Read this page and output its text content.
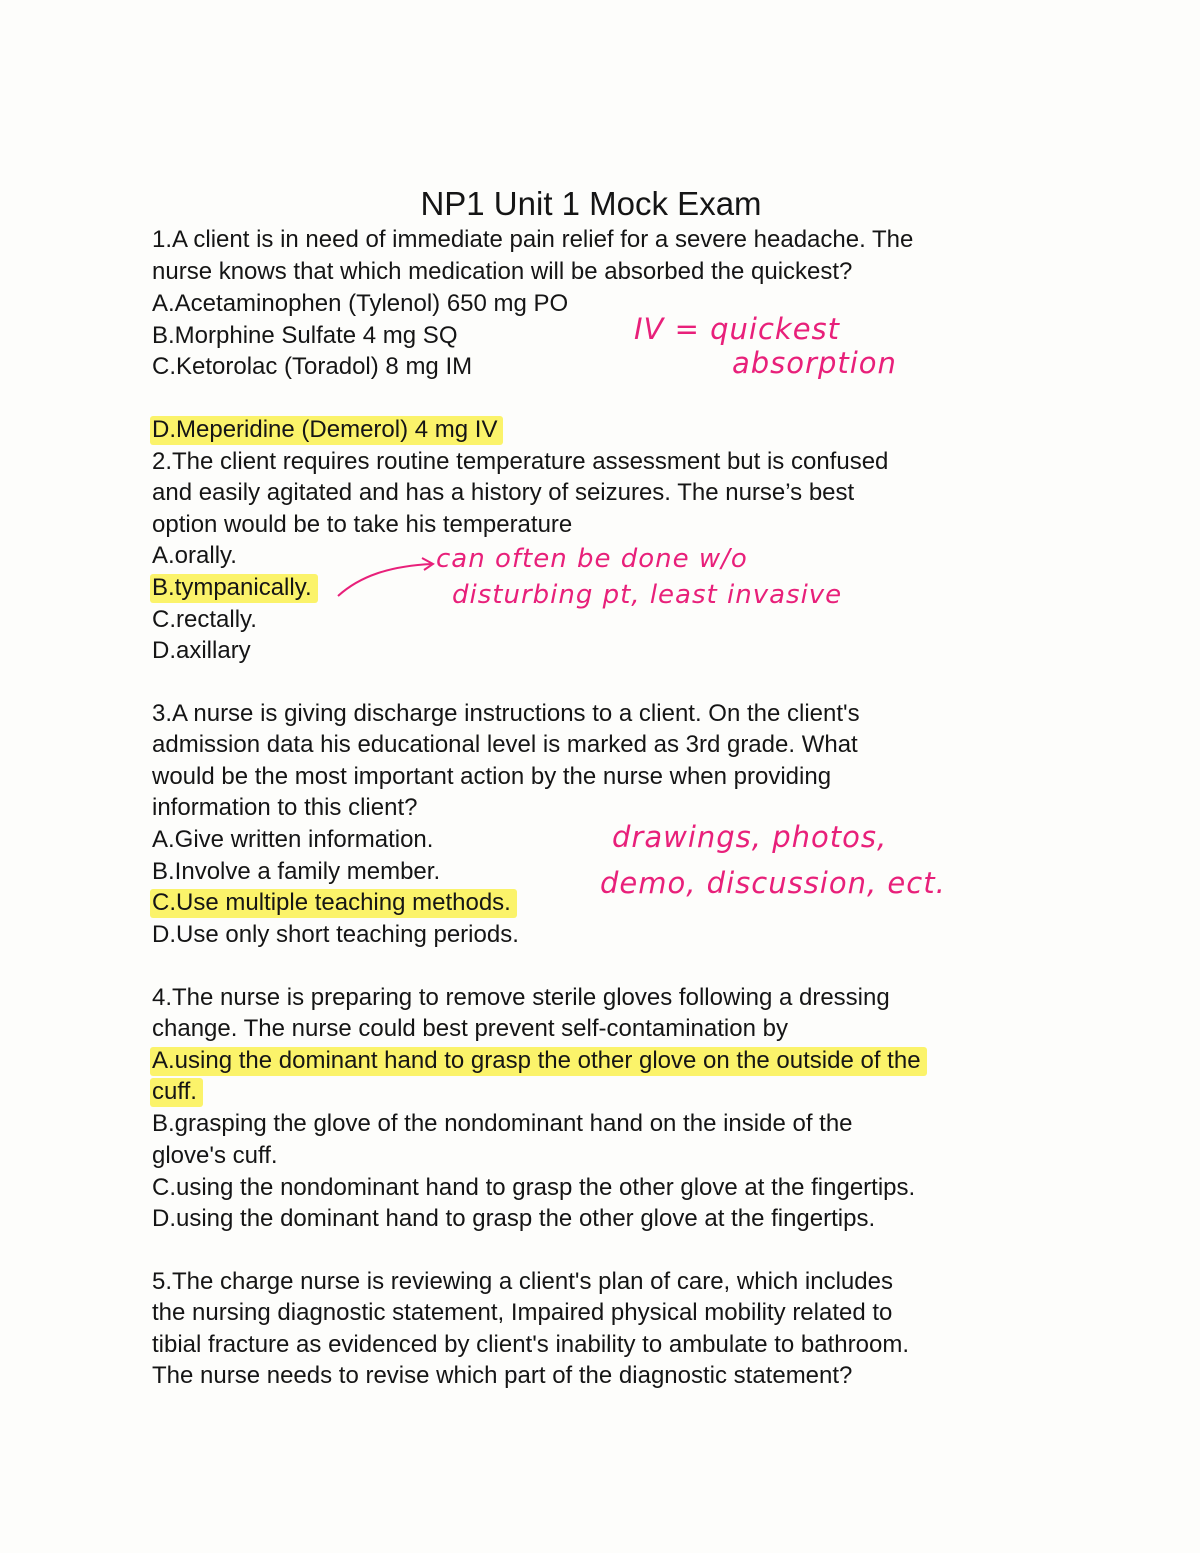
NP1 Unit 1 Mock Exam
1.A client is in need of immediate pain relief for a severe headache. The
nurse knows that which medication will be absorbed the quickest?
A.Acetaminophen (Tylenol) 650 mg PO
B.Morphine Sulfate 4 mg SQ
C.Ketorolac (Toradol) 8 mg IM
D.Meperidine (Demerol) 4 mg IV
IV = quickest
absorption
2.The client requires routine temperature assessment but is confused
and easily agitated and has a history of seizures. The nurse’s best
option would be to take his temperature
A.orally.
B.tympanically.
C.rectally.
D.axillary
can often be done w/o
disturbing pt, least invasive
3.A nurse is giving discharge instructions to a client. On the client's
admission data his educational level is marked as 3rd grade. What
would be the most important action by the nurse when providing
information to this client?
A.Give written information.
B.Involve a family member.
C.Use multiple teaching methods.
D.Use only short teaching periods.
drawings, photos,
demo, discussion, ect.
4.The nurse is preparing to remove sterile gloves following a dressing
change. The nurse could best prevent self-contamination by
A.using the dominant hand to grasp the other glove on the outside of the
cuff.
B.grasping the glove of the nondominant hand on the inside of the
glove's cuff.
C.using the nondominant hand to grasp the other glove at the fingertips.
D.using the dominant hand to grasp the other glove at the fingertips.
5.The charge nurse is reviewing a client's plan of care, which includes
the nursing diagnostic statement, Impaired physical mobility related to
tibial fracture as evidenced by client's inability to ambulate to bathroom.
The nurse needs to revise which part of the diagnostic statement?
